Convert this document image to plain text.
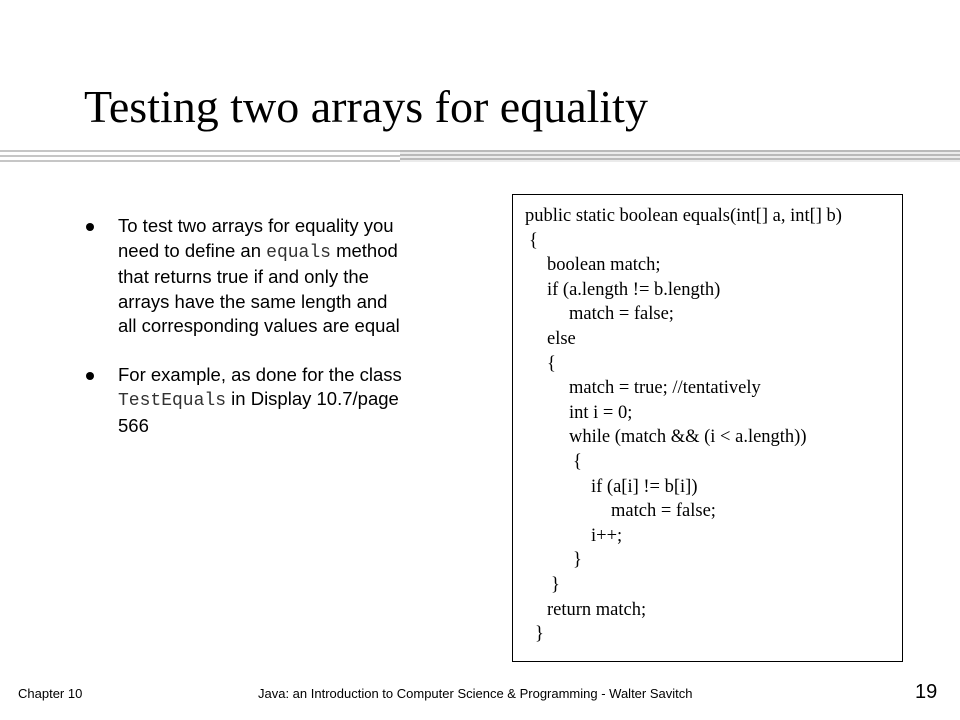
Testing two arrays for equality
To test two arrays for equality you need to define an equals method that returns true if and only the arrays have the same length and all corresponding values are equal
For example, as done for the class TestEquals in Display 10.7/page 566
public static boolean equals(int[] a, int[] b)
{
boolean match;
if (a.length != b.length)
match = false;
else
{
match = true; //tentatively
int i = 0;
while (match && (i < a.length))
{
if (a[i] != b[i])
match = false;
i++;
}
}
return match;
}
Chapter 10	Java: an Introduction to Computer Science & Programming - Walter Savitch	19
